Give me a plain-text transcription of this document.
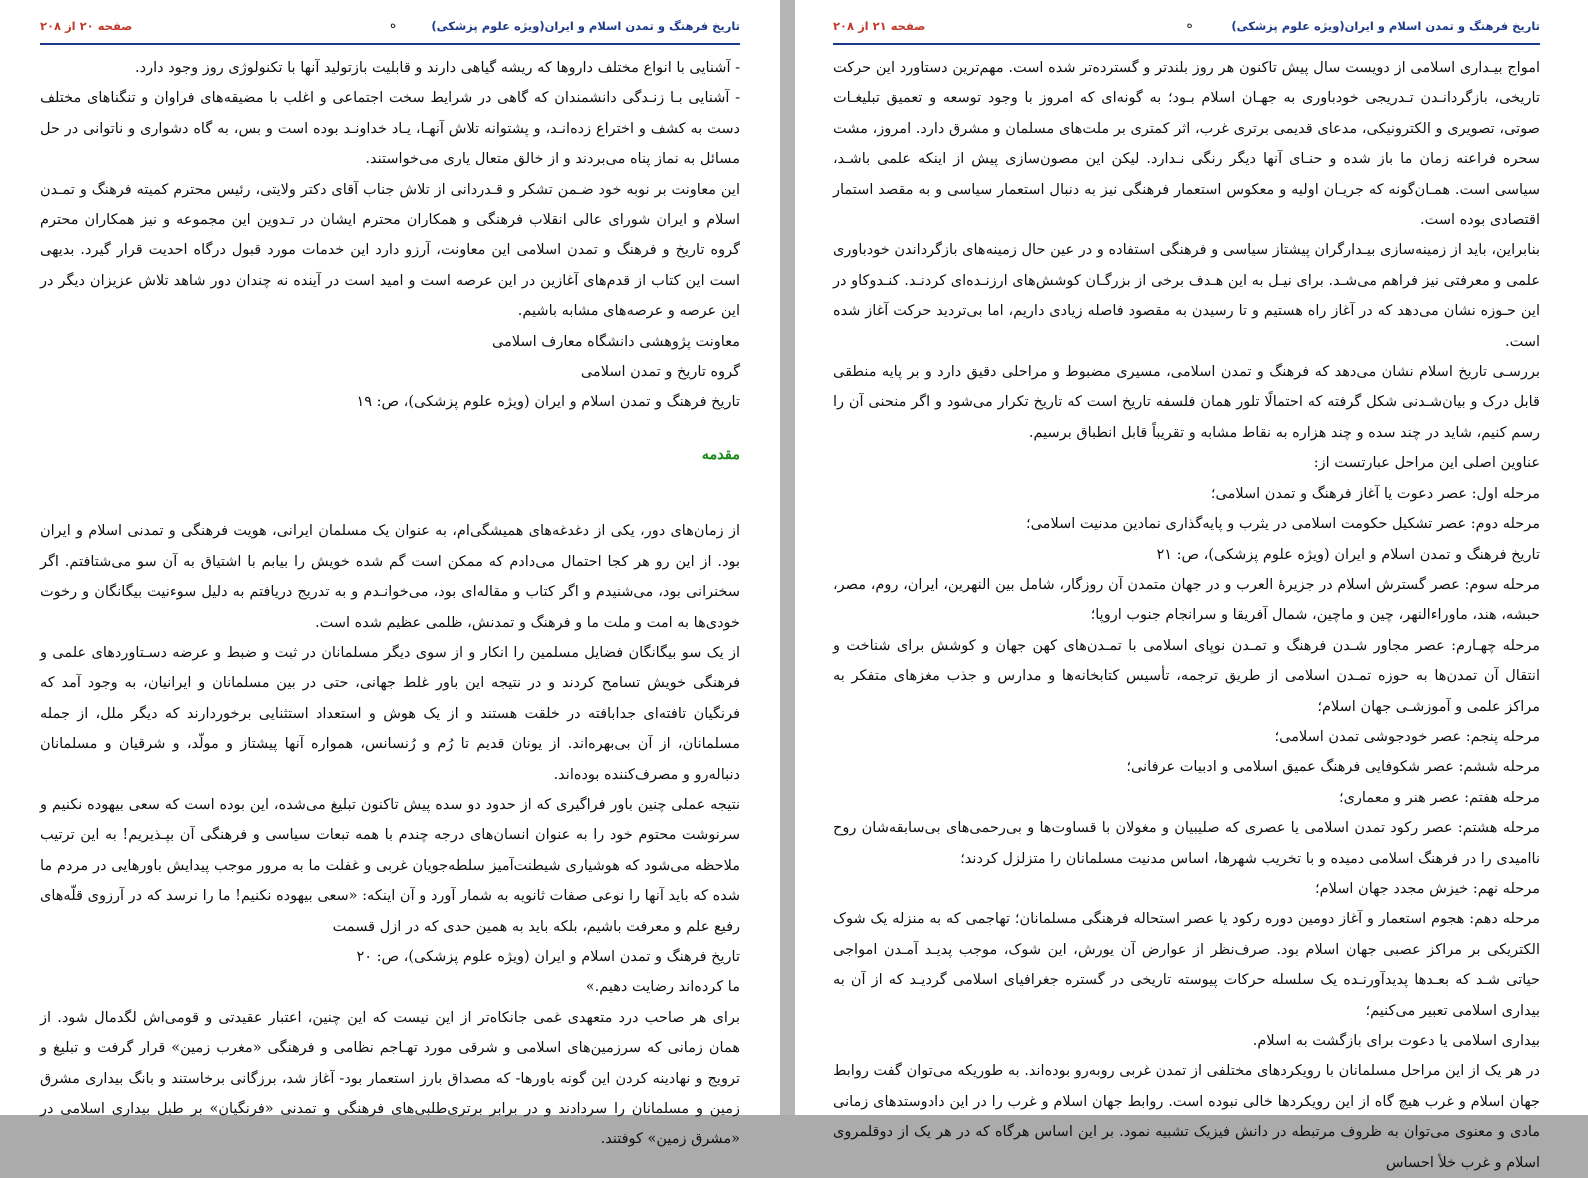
تاریخ فرهنگ و تمدن اسلام و ایران(ویژه علوم پزشکی)
ه
صفحه ۲۰ از ۲۰۸

- آشنایی با انواع مختلف داروها که ریشه گیاهی دارند و قابلیت بازتولید آنها با تکنولوژی روز وجود دارد.

- آشنایی بـا زنـدگی دانشمندان که گاهی در شرایط سخت اجتماعی و اغلب با مضیقه‌های فراوان و تنگناهای مختلف دست به کشف و اختراع زده‌انـد، و پشتوانه تلاش آنهـا، یـاد خداونـد بوده است و بس، به گاه دشواری و ناتوانی در حل مسائل به نماز پناه می‌بردند و از خالق متعال یاری می‌خواستند.

این معاونت بر نوبه خود ضـمن تشکر و قـدردانی از تلاش جناب آقای دکتر ولایتی، رئیس محترم کمیته فرهنگ و تمـدن اسلام و ایران شورای عالی انقلاب فرهنگی و همکاران محترم ایشان در تـدوین این مجموعه و نیز همکاران محترم گروه تاریخ و فرهنگ و تمدن اسلامی این معاونت، آرزو دارد این خدمات مورد قبول درگاه احدیت قرار گیرد. بدیهی است این کتاب از قدم‌های آغازین در این عرصه است و امید است در آینده نه چندان دور شاهد تلاش عزیزان دیگر در این عرصه و عرصه‌های مشابه باشیم.

معاونت پژوهشی دانشگاه معارف اسلامی

گروه تاریخ و تمدن اسلامی

تاریخ فرهنگ و تمدن اسلام و ایران (ویژه علوم پزشکی)، ص: ۱۹

مقدمه

از زمان‌های دور، یکی از دغدغه‌های همیشگی‌ام، به عنوان یک مسلمان ایرانی، هویت فرهنگی و تمدنی اسلام و ایران بود. از این رو هر کجا احتمال می‌دادم که ممکن است گم شده خویش را بیابم با اشتیاق به آن سو می‌شتافتم. اگر سخنرانی بود، می‌شنیدم و اگر کتاب و مقاله‌ای بود، می‌خوانـدم و به تدریج دریافتم به دلیل سوءنیت بیگانگان و رخوت خودی‌ها به امت و ملت ما و فرهنگ و تمدنش، ظلمی عظیم شده است.

از یک سو بیگانگان فضایل مسلمین را انکار و از سوی دیگر مسلمانان در ثبت و ضبط و عرضه دسـتاوردهای علمی و فرهنگی خویش تسامح کردند و در نتیجه این باور غلط جهانی، حتی در بین مسلمانان و ایرانیان، به وجود آمد که فرنگیان تافته‌ای جدابافته در خلقت هستند و از یک هوش و استعداد استثنایی برخوردارند که دیگر ملل، از جمله مسلمانان، از آن بی‌بهره‌اند. از یونان قدیم تا رُم و رُنسانس، همواره آنها پیشتاز و مولّد، و شرقیان و مسلمانان دنباله‌رو و مصرف‌کننده بوده‌اند.

نتیجه عملی چنین باور فراگیری که از حدود دو سده پیش تاکنون تبلیغ می‌شده، این بوده است که سعی بیهوده نکنیم و سرنوشت محتوم خود را به عنوان انسان‌های درجه چندم با همه تبعات سیاسی و فرهنگی آن بپـذیریم! به این ترتیب ملاحظه می‌شود که هوشیاری شیطنت‌آمیز سلطه‌جویان غربی و غفلت ما به مرور موجب پیدایش باورهایی در مردم ما شده که باید آنها را نوعی صفات ثانویه به شمار آورد و آن اینکه: «سعی بیهوده نکنیم! ما را نرسد که در آرزوی قلّه‌های رفیع علم و معرفت باشیم، بلکه باید به همین حدی که در ازل قسمت

تاریخ فرهنگ و تمدن اسلام و ایران (ویژه علوم پزشکی)، ص: ۲۰

ما کرده‌اند رضایت دهیم.»

برای هر صاحب درد متعهدی غمی جانکاه‌تر از این نیست که این چنین، اعتبار عقیدتی و قومی‌اش لگدمال شود. از همان زمانی که سرزمین‌های اسلامی و شرقی مورد تهـاجم نظامی و فرهنگی «مغرب زمین» قرار گرفت و تبلیغ و ترویج و نهادینه کردن این گونه باورها- که مصداق بارز استعمار بود- آغاز شد، برزگانی برخاستند و بانگ بیداری مشرق زمین و مسلمانان را سردادند و در برابر برتری‌طلبی‌های فرهنگی و تمدنی «فرنگیان» بر طبل بیداری اسلامی در «مشرق زمین» کوفتند.

تاریخ فرهنگ و تمدن اسلام و ایران(ویژه علوم پزشکی)
ه
صفحه ۲۱ از ۲۰۸

امواج بیـداری اسلامی از دویست سال پیش تاکنون هر روز بلندتر و گسترده‌تر شده است. مهم‌ترین دستاورد این حرکت تاریخی، بازگردانـدن تـدریجی خودباوری به جهـان اسلام بـود؛ به گونه‌ای که امروز با وجود توسعه و تعمیق تبلیغـات صوتی، تصویری و الکترونیکی، مدعای قدیمی برتری غرب، اثر کمتری بر ملت‌های مسلمان و مشرق دارد. امروز، مشت سحره فراعنه زمان ما باز شده و حنـای آنها دیگر رنگی نـدارد. لیکن این مصون‌سازی پیش از اینکه علمی باشـد، سیاسی است. همـان‌گونه که جریـان اولیه و معکوس استعمار فرهنگی نیز به دنبال استعمار سیاسی و به مقصد استمار اقتصادی بوده است.

بنابراین، باید از زمینه‌سازی بیـدارگران پیشتاز سیاسی و فرهنگی استفاده و در عین حال زمینه‌های بازگرداندن خودباوری علمی و معرفتی نیز فراهم می‌شـد. برای نیـل به این هـدف برخی از بزرگـان کوشش‌های ارزنـده‌ای کردنـد. کنـدوکاو در این حـوزه نشان می‌دهد که در آغاز راه هستیم و تا رسیدن به مقصود فاصله زیادی داریم، اما بی‌تردید حرکت آغاز شده است.

بررسـی تاریخ اسلام نشان می‌دهد که فرهنگ و تمدن اسلامی، مسیری مضبوط و مراحلی دقیق دارد و بر پایه منطقی قابل درک و بیان‌شـدنی شکل گرفته که احتمالًا تلور همان فلسفه تاریخ است که تاریخ تکرار می‌شود و اگر منحنی آن را رسم کنیم، شاید در چند سده و چند هزاره به نقاط مشابه و تقریباً قابل انطباق برسیم.

عناوین اصلی این مراحل عبارتست از:

مرحله اول: عصر دعوت یا آغاز فرهنگ و تمدن اسلامی؛

مرحله دوم: عصر تشکیل حکومت اسلامی در یثرب و پایه‌گذاری نمادین مدنیت اسلامی؛

تاریخ فرهنگ و تمدن اسلام و ایران (ویژه علوم پزشکی)، ص: ۲۱

مرحله سوم: عصر گسترش اسلام در جزیرهٔ العرب و در جهان متمدن آن روزگار، شامل بین النهرین، ایران، روم، مصر، حبشه، هند، ماوراءالنهر، چین و ماچین، شمال آفریقا و سرانجام جنوب اروپا؛

مرحله چهـارم: عصر مجاور شـدن فرهنگ و تمـدن نوپای اسلامی با تمـدن‌های کهن جهان و کوشش برای شناخت و انتقال آن تمدن‌ها به حوزه تمـدن اسلامی از طریق ترجمه، تأسیس کتابخانه‌ها و مدارس و جذب مغزهای متفکر به مراکز علمی و آموزشـی جهان اسلام؛

مرحله پنجم: عصر خودجوشی تمدن اسلامی؛

مرحله ششم: عصر شکوفایی فرهنگ عمیق اسلامی و ادبیات عرفانی؛

مرحله هفتم: عصر هنر و معماری؛

مرحله هشتم: عصر رکود تمدن اسلامی یا عصری که صلیبیان و مغولان با قساوت‌ها و بی‌رحمی‌های بی‌سابقه‌شان روح ناامیدی را در فرهنگ اسلامی دمیده و با تخریب شهرها، اساس مدنیت مسلمانان را متزلزل کردند؛

مرحله نهم: خیزش مجدد جهان اسلام؛

مرحله دهم: هجوم استعمار و آغاز دومین دوره رکود یا عصر استحاله فرهنگی مسلمانان؛ تهاجمی که به منزله یک شوک الکتریکی بر مراکز عصبی جهان اسلام بود. صرف‌نظر از عوارض آن یورش، این شوک، موجب پدیـد آمـدن امواجی حیاتی شـد که بعـدها پدیدآورنـده یک سلسله حرکات پیوسته تاریخی در گستره جغرافیای اسلامی گردیـد که از آن به بیداری اسلامی تعبیر می‌کنیم؛

بیداری اسلامی یا دعوت برای بازگشت به اسلام.

در هر یک از این مراحل مسلمانان با رویکردهای مختلفی از تمدن غربی روبه‌رو بوده‌اند. به طوریکه می‌توان گفت روابط جهان اسلام و غرب هیچ گاه از این رویکردها خالی نبوده است. روابط جهان اسلام و غرب را در این دادوستدهای زمانی مادی و معنوی می‌توان به ظروف مرتبطه در دانش فیزیک تشبیه نمود. بر این اساس هرگاه که در هر یک از دوقلمروی اسلام و غرب خلأ احساس
